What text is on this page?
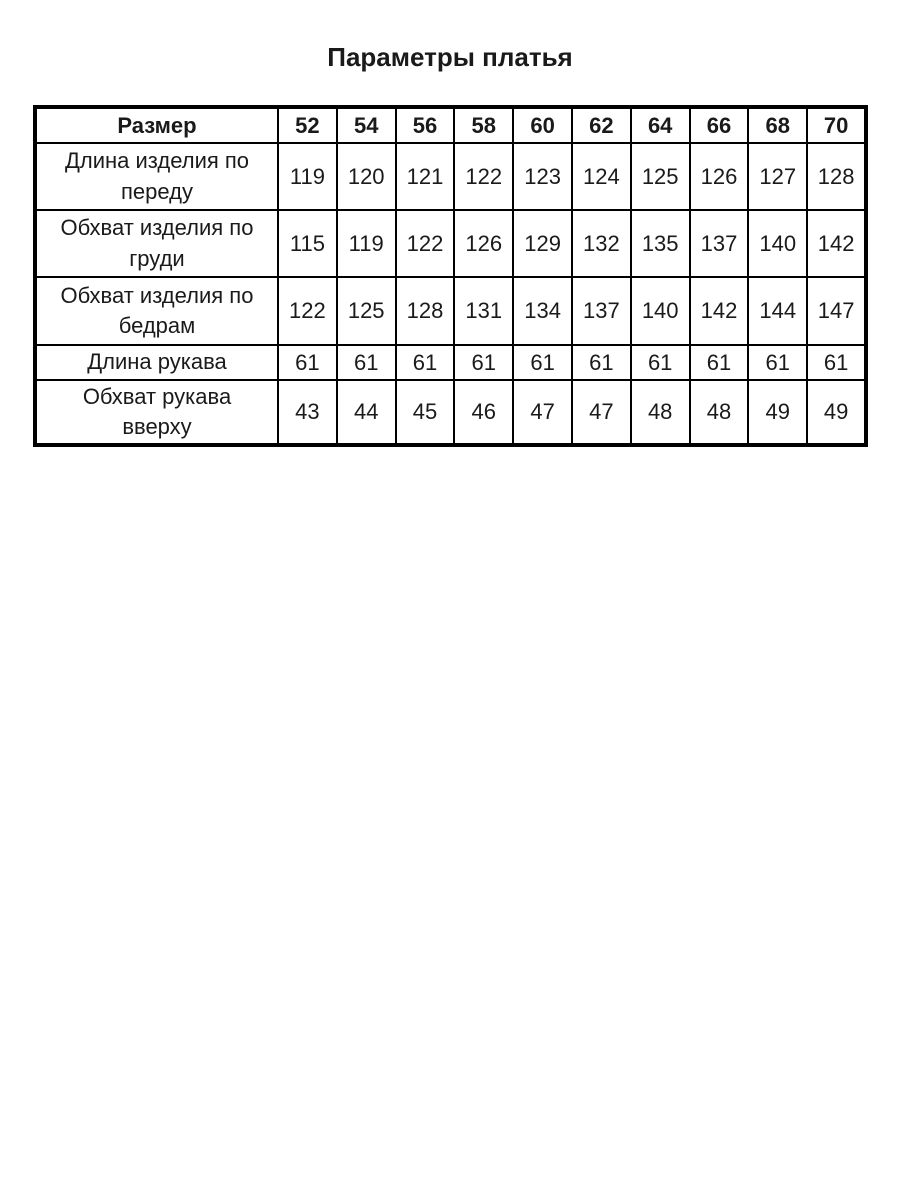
Параметры платья
Размер	52	54	56	58	60	62	64	66	68	70
Длина изделия по переду	119	120	121	122	123	124	125	126	127	128
Обхват изделия по груди	115	119	122	126	129	132	135	137	140	142
Обхват изделия по бедрам	122	125	128	131	134	137	140	142	144	147
Длина рукава	61	61	61	61	61	61	61	61	61	61
Обхват рукава вверху	43	44	45	46	47	47	48	48	49	49
